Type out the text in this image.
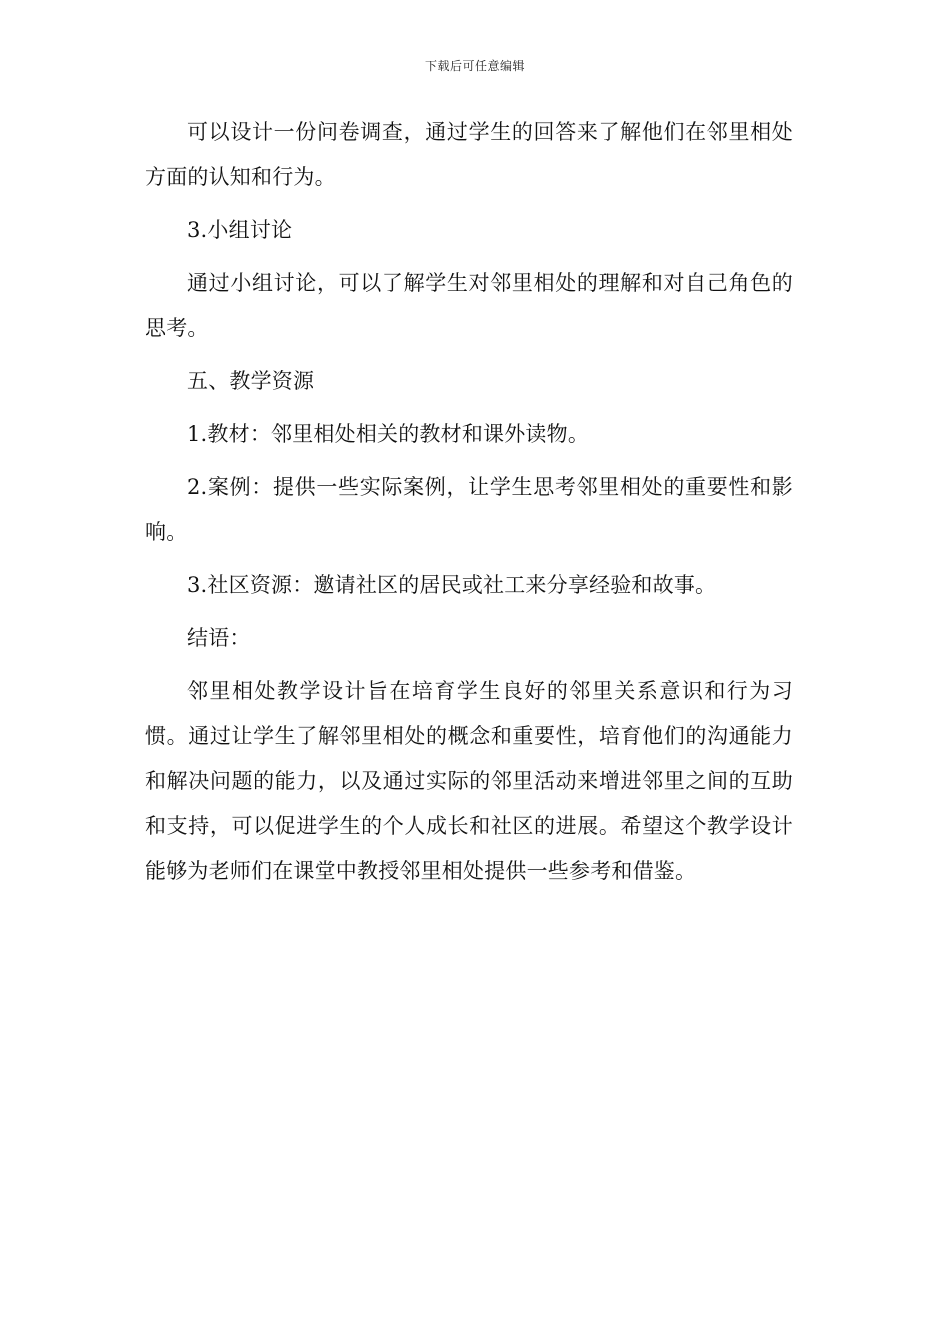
下载后可任意编辑

可以设计一份问卷调查，通过学生的回答来了解他们在邻里相处方面的认知和行为。

3.小组讨论

通过小组讨论，可以了解学生对邻里相处的理解和对自己角色的思考。

五、教学资源

1.教材：邻里相处相关的教材和课外读物。

2.案例：提供一些实际案例，让学生思考邻里相处的重要性和影响。

3.社区资源：邀请社区的居民或社工来分享经验和故事。

结语：

邻里相处教学设计旨在培育学生良好的邻里关系意识和行为习惯。通过让学生了解邻里相处的概念和重要性，培育他们的沟通能力和解决问题的能力，以及通过实际的邻里活动来增进邻里之间的互助和支持，可以促进学生的个人成长和社区的进展。希望这个教学设计能够为老师们在课堂中教授邻里相处提供一些参考和借鉴。
